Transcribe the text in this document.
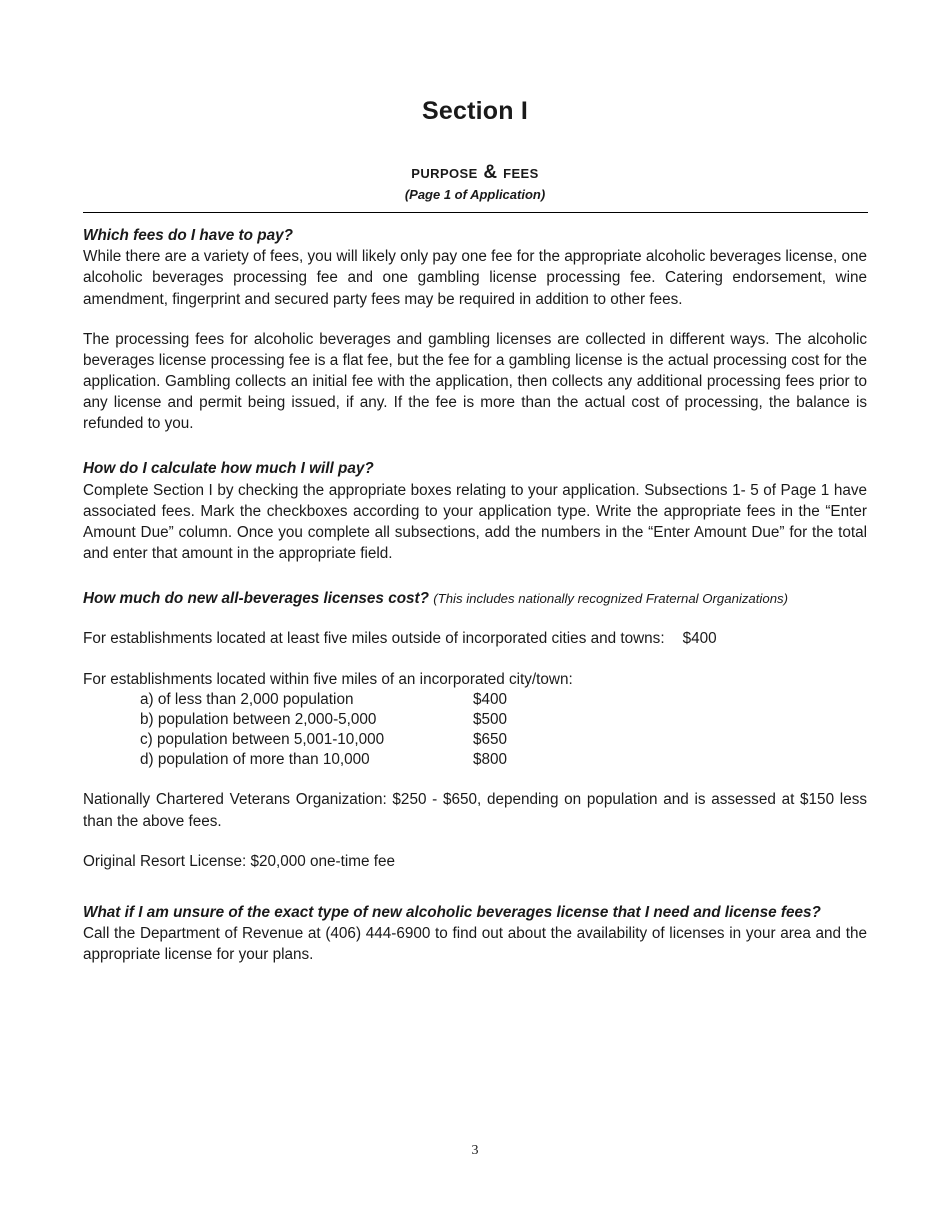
Section I
purpose & fees
(Page 1 of Application)
Which fees do I have to pay?

While there are a variety of fees, you will likely only pay one fee for the appropriate alcoholic beverages license, one alcoholic beverages processing fee and one gambling license processing fee. Catering endorsement, wine amendment, fingerprint and secured party fees may be required in addition to other fees.

The processing fees for alcoholic beverages and gambling licenses are collected in different ways. The alcoholic beverages license processing fee is a flat fee, but the fee for a gambling license is the actual processing cost for the application. Gambling collects an initial fee with the application, then collects any additional processing fees prior to any license and permit being issued, if any. If the fee is more than the actual cost of processing, the balance is refunded to you.

How do I calculate how much I will pay?

Complete Section I by checking the appropriate boxes relating to your application. Subsections 1- 5 of Page 1 have associated fees. Mark the checkboxes according to your application type. Write the appropriate fees in the “Enter Amount Due” column. Once you complete all subsections, add the numbers in the “Enter Amount Due” for the total and enter that amount in the appropriate field.

How much do new all-beverages licenses cost? (This includes nationally recognized Fraternal Organizations)

For establishments located at least five miles outside of incorporated cities and towns: $400

For establishments located within five miles of an incorporated city/town:

a) of less than 2,000 population	$400
b) population between 2,000-5,000	$500
c) population between 5,001-10,000	$650
d) population of more than 10,000	$800

Nationally Chartered Veterans Organization: $250 - $650, depending on population and is assessed at $150 less than the above fees.

Original Resort License: $20,000 one-time fee

What if I am unsure of the exact type of new alcoholic beverages license that I need and license fees?

Call the Department of Revenue at (406) 444-6900 to find out about the availability of licenses in your area and the appropriate license for your plans.

3
